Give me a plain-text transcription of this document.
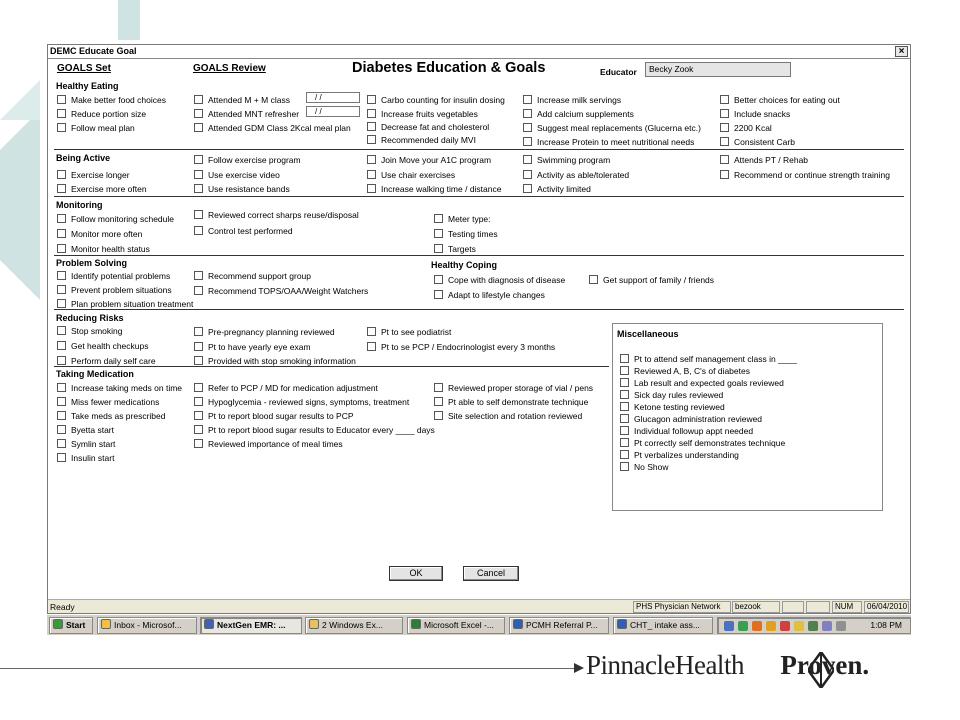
DEMC Educate Goal	×
GOALS Set	GOALS Review	Diabetes Education & Goals	Educator	Becky Zook
Healthy Eating
Make better food choices
Reduce portion size
Follow meal plan
Attended M + M class
Attended MNT refresher
Attended GDM Class 2Kcal meal plan
/ /
/ /
Carbo counting for insulin dosing
Increase fruits vegetables
Decrease fat and cholesterol
Recommended daily MVI
Increase milk servings
Add calcium supplements
Suggest meal replacements (Glucerna etc.)
Increase Protein to meet nutritional needs
Better choices for eating out
Include snacks
2200 Kcal
Consistent Carb
Being Active
Exercise longer
Exercise more often
Follow exercise program
Use exercise video
Use resistance bands
Join Move your A1C program
Use chair exercises
Increase walking time / distance
Swimming program
Activity as able/tolerated
Activity limited
Attends PT / Rehab
Recommend or continue strength training
Monitoring
Follow monitoring schedule
Monitor more often
Monitor health status
Reviewed correct sharps reuse/disposal
Control test performed
Meter type:
Testing times
Targets
Problem Solving
Identify potential problems
Prevent problem situations
Plan problem situation treatment
Recommend support group
Recommend TOPS/OAA/Weight Watchers
Healthy Coping
Cope with diagnosis of disease	Get support of family / friends
Adapt to lifestyle changes
Reducing Risks
Stop smoking
Get health checkups
Perform daily self care
Pre-pregnancy planning reviewed
Pt to have yearly eye exam
Provided with stop smoking information
Pt to see podiatrist
Pt to se PCP / Endocrinologist every 3 months
Taking Medication
Increase taking meds on time
Miss fewer medications
Take meds as prescribed
Byetta start
Symlin start
Insulin start
Refer to PCP / MD for medication adjustment
Hypoglycemia - reviewed signs, symptoms, treatment
Pt to report blood sugar results to PCP
Pt to report blood sugar results to Educator every ____ days
Reviewed importance of meal times
Reviewed proper storage of vial / pens
Pt able to self demonstrate technique
Site selection and rotation reviewed
Miscellaneous
Pt to attend self management class in ____
Reviewed A, B, C's of diabetes
Lab result and expected goals reviewed
Sick day rules reviewed
Ketone testing reviewed
Glucagon administration reviewed
Individual followup appt needed
Pt correctly self demonstrates technique
Pt verbalizes understanding
No Show
OK	Cancel
Ready	PHS Physician Network	bezook	NUM	06/04/2010
Start	Inbox - Microsof...	NextGen EMR: ...	2 Windows Ex...	Microsoft Excel -...	PCMH Referral P...	CHT_ intake ass...	1:08 PM
PinnacleHealth Proven.
